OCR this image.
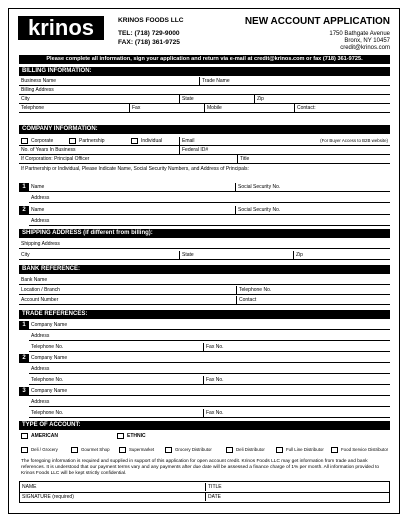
krinos	KRINOS FOODS LLC
TEL: (718) 729-9000
FAX: (718) 361-9725
NEW ACCOUNT APPLICATION
1750 Bathgate Avenue
Bronx, NY 10457
credit@krinos.com
Please complete all information, sign your application and return via e-mail at credit@krinos.com or fax (718) 361-9725.
BILLING INFORMATION:
Business Name	Trade Name
Billing Address
City	State	Zip
Telephone	Fax	Mobile	Contact:
COMPANY INFORMATION:
Corporate	Partnership	Individual	Email	(For Buyer Access to B2B website)
No. of Years In Business	Federal ID#
If Corporation: Principal Officer	Title
If Partnership or Individual, Please Indicate Name, Social Security Numbers, and Address of Principals:
1	Name	Social Security No.
Address
2	Name	Social Security No.
Address
SHIPPING ADDRESS (if different from billing):
Shipping Address
City	State	Zip
BANK REFERENCE:
Bank Name
Location / Branch	Telephone No.
Account Number	Contact
TRADE REFERENCES:
1	Company Name
Address
Telephone No.	Fax No.
2	Company Name
Address
Telephone No.	Fax No.
3	Company Name
Address
Telephone No.	Fax No.
TYPE OF ACCOUNT:
AMERICAN	ETHNIC
Deli / Grocery	Gourmet Shop	Supermarket	Grocery Distributor	Deli Distributor	Full Line Distributor	Food Service Distributor
The foregoing information is required and supplied in support of this application for open account credit. Krinos Foods LLC may get information from trade and bank references. It is understood that our payment terms vary and any payments after due date will be assessed a finance charge of 1% per month. All information provided to Krinos Foods LLC will be kept strictly confidential.
NAME	TITLE
SIGNATURE (required)	DATE
